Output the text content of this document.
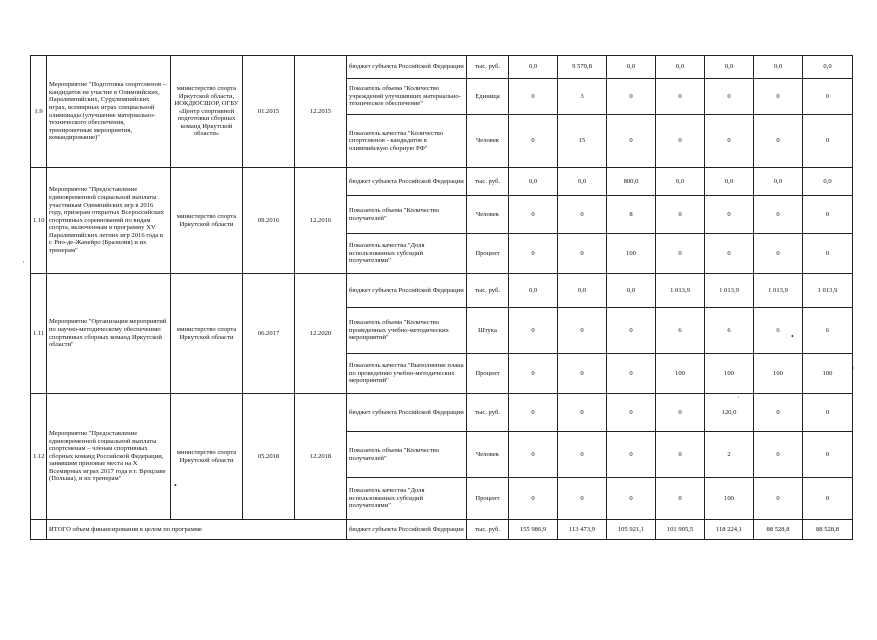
1.9	Мероприятие "Подготовка спортсменов – кандидатов на участие в Олимпийских, Паралимпийских, Сурдлимпийских играх, всемирных играх специальной олимпиады (улучшение материально-технического обеспечения, тренировочные мероприятия, командирование)"	министерство спорта Иркутской области, ИОКДЮСШОР, ОГБУ «Центр спортивной подготовки сборных команд Иркутской области»	01.2015	12.2015	бюджет субъекта Российской Федерации	тыс. руб.	0,0	9 579,8	0,0	0,0	0,0	0,0	0,0
					Показатель объема "Количество учреждений улучшивших материально-техническое обеспечение"	Единица	0	3	0	0	0	0	0
					Показатель качества "Количество спортсменов - кандидатов в олимпийскую сборную РФ"	Человек	0	15	0	0	0	0	0
1.10	Мероприятие "Предоставление единовременной социальной выплаты участникам Олимпийских игр в 2016 году, призерам открытых Всероссийских спортивных соревнований по видам спорта, включенным в программу XV Паралимпийских летних игр 2016 года в г. Рио-де-Жанейро (Бразилия) и их тренерам"	министерство спорта Иркутской области	09.2016	12.2016	бюджет субъекта Российской Федерации	тыс. руб.	0,0	0,0	800,0	0,0	0,0	0,0	0,0
					Показатель объема "Количество получателей"	Человек	0	0	8	0	0	0	0
					Показатель качества "Доля использованных субсидий получателями"	Процент	0	0	100	0	0	0	0
1.11	Мероприятие "Организация мероприятий по научно-методическому обеспечению спортивных сборных команд Иркутской области"	министерство спорта Иркутской области	06.2017	12.2020	бюджет субъекта Российской Федерации	тыс. руб.	0,0	0,0	0,0	1 013,9	1 013,9	1 013,9	1 013,9
					Показатель объема "Количество проведенных учебно-методических мероприятий"	Штука	0	0	0	6	6	6	6
					Показатель качества "Выполнение плана по проведению учебно-методических мероприятий"	Процент	0	0	0	100	100	100	100
1.12	Мероприятие "Предоставление единовременной социальной выплаты спортсменам – членам спортивных сборных команд Российской Федерации, занявшим призовые места на X Всемирных играх 2017 года в г. Вроцлаве (Польша), и их тренерам"	министерство спорта Иркутской области	05.2018	12.2018	бюджет субъекта Российской Федерации	тыс. руб.	0	0	0	0	120,0	0	0
					Показатель объема "Количество получателей"	Человек	0	0	0	0	2	0	0
					Показатель качества "Доля использованных субсидий получателями"	Процент	0	0	0	0	100	0	0
	ИТОГО объем финансирования в целом по программе				бюджет субъекта Российской Федерации	тыс. руб.	155 986,9	113 473,9	105 921,1	101 905,5	118 224,1	88 528,8	88 528,8
·
•
·
·
•
